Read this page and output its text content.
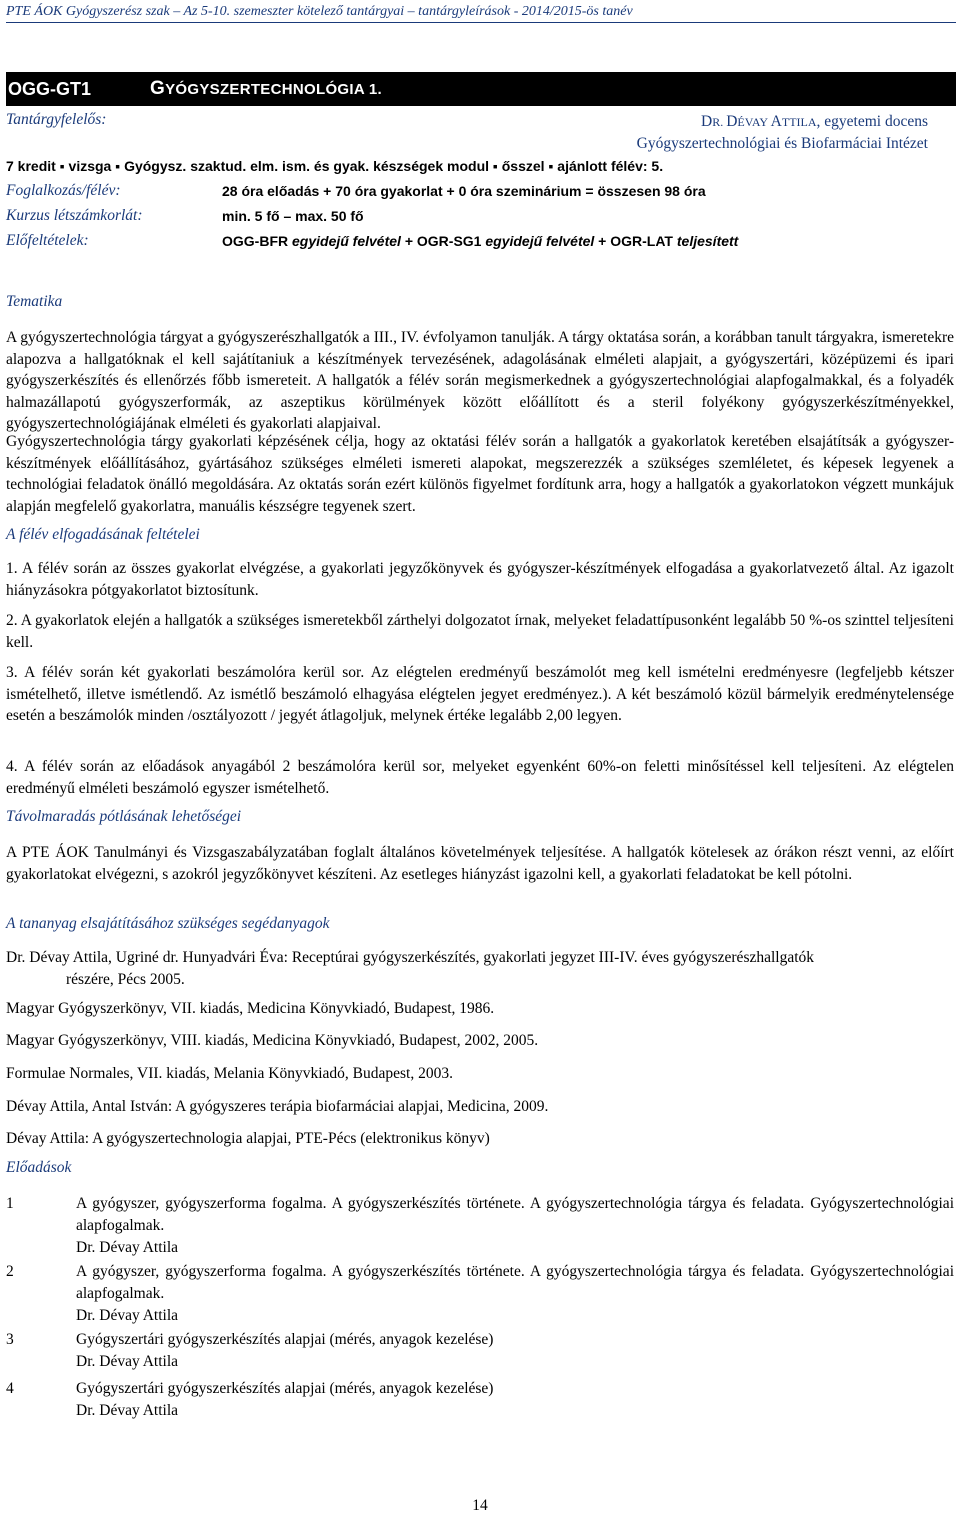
PTE ÁOK Gyógyszerész szak – Az 5-10. szemeszter kötelező tantárgyai – tantárgyleírások - 2014/2015-ös tanév
OGG-GT1	GYÓGYSZERTECHNOLÓGIA 1.
Tantárgyfelelős:	DR. DÉVAY ATTILA, egyetemi docens
Gyógyszertechnológiai és Biofarmáciai Intézet
7 kredit ▪ vizsga ▪ Gyógysz. szaktud. elm. ism. és gyak. készségek modul ▪ ősszel ▪ ajánlott félév: 5.
Foglalkozás/félév:	28 óra előadás + 70 óra gyakorlat + 0 óra szeminárium = összesen 98 óra
Kurzus létszámkorlát:	min. 5 fő – max. 50 fő
Előfeltételek:	OGG-BFR egyidejű felvétel + OGR-SG1 egyidejű felvétel + OGR-LAT teljesített
Tematika
A gyógyszertechnológia tárgyat a gyógyszerészhallgatók a III., IV. évfolyamon tanulják. A tárgy oktatása során, a korábban tanult tárgyakra, ismeretekre alapozva a hallgatóknak el kell sajátítaniuk a készítmények tervezésének, adagolásának elméleti alapjait, a gyógyszertári, középüzemi és ipari gyógyszerkészítés és ellenőrzés főbb ismereteit. A hallgatók a félév során megismerkednek a gyógyszertechnológiai alapfogalmakkal, és a folyadék halmazállapotú gyógyszerformák, az aszeptikus körülmények között előállított és a steril folyékony gyógyszerkészítményekkel, gyógyszertechnológiájának elméleti és gyakorlati alapjaival.
Gyógyszertechnológia tárgy gyakorlati képzésének célja, hogy az oktatási félév során a hallgatók a gyakorlatok keretében elsajátítsák a gyógyszer-készítmények előállításához, gyártásához szükséges elméleti ismereti alapokat, megszerezzék a szükséges szemléletet, és képesek legyenek a technológiai feladatok önálló megoldására. Az oktatás során ezért különös figyelmet fordítunk arra, hogy a hallgatók a gyakorlatokon végzett munkájuk alapján megfelelő gyakorlatra, manuális készségre tegyenek szert.
A félév elfogadásának feltételei
1. A félév során az összes gyakorlat elvégzése, a gyakorlati jegyzőkönyvek és gyógyszer-készítmények elfogadása a gyakorlatvezető által. Az igazolt hiányzásokra pótgyakorlatot biztosítunk.
2. A gyakorlatok elején a hallgatók a szükséges ismeretekből zárthelyi dolgozatot írnak, melyeket feladattípusonként legalább 50 %-os szinttel teljesíteni kell.
3. A félév során két gyakorlati beszámolóra kerül sor. Az elégtelen eredményű beszámolót meg kell ismételni eredményesre (legfeljebb kétszer ismételhető, illetve ismétlendő. Az ismétlő beszámoló elhagyása elégtelen jegyet eredményez.). A két beszámoló közül bármelyik eredménytelensége esetén a beszámolók minden /osztályozott / jegyét átlagoljuk, melynek értéke legalább 2,00 legyen.
4. A félév során az előadások anyagából 2 beszámolóra kerül sor, melyeket egyenként 60%-on feletti minősítéssel kell teljesíteni. Az elégtelen eredményű elméleti beszámoló egyszer ismételhető.
Távolmaradás pótlásának lehetőségei
A PTE ÁOK Tanulmányi és Vizsgaszabályzatában foglalt általános követelmények teljesítése. A hallgatók kötelesek az órákon részt venni, az előírt gyakorlatokat elvégezni, s azokról jegyzőkönyvet készíteni. Az esetleges hiányzást igazolni kell, a gyakorlati feladatokat be kell pótolni.
A tananyag elsajátításához szükséges segédanyagok
Dr. Dévay Attila, Ugriné dr. Hunyadvári Éva: Receptúrai gyógyszerkészítés, gyakorlati jegyzet III-IV. éves gyógyszerészhallgatók
részére, Pécs 2005.
Magyar Gyógyszerkönyv, VII. kiadás, Medicina Könyvkiadó, Budapest, 1986.
Magyar Gyógyszerkönyv, VIII. kiadás, Medicina Könyvkiadó, Budapest, 2002, 2005.
Formulae Normales, VII. kiadás, Melania Könyvkiadó, Budapest, 2003.
Dévay Attila, Antal István: A gyógyszeres terápia biofarmáciai alapjai, Medicina, 2009.
Dévay Attila: A gyógyszertechnologia alapjai, PTE-Pécs (elektronikus könyv)
Előadások
1	A gyógyszer, gyógyszerforma fogalma. A gyógyszerkészítés története. A gyógyszertechnológia tárgya és feladata. Gyógyszertechnológiai alapfogalmak.
Dr. Dévay Attila
2	A gyógyszer, gyógyszerforma fogalma. A gyógyszerkészítés története. A gyógyszertechnológia tárgya és feladata. Gyógyszertechnológiai alapfogalmak.
Dr. Dévay Attila
3	Gyógyszertári gyógyszerkészítés alapjai (mérés, anyagok kezelése)
Dr. Dévay Attila
4	Gyógyszertári gyógyszerkészítés alapjai (mérés, anyagok kezelése)
Dr. Dévay Attila
14
